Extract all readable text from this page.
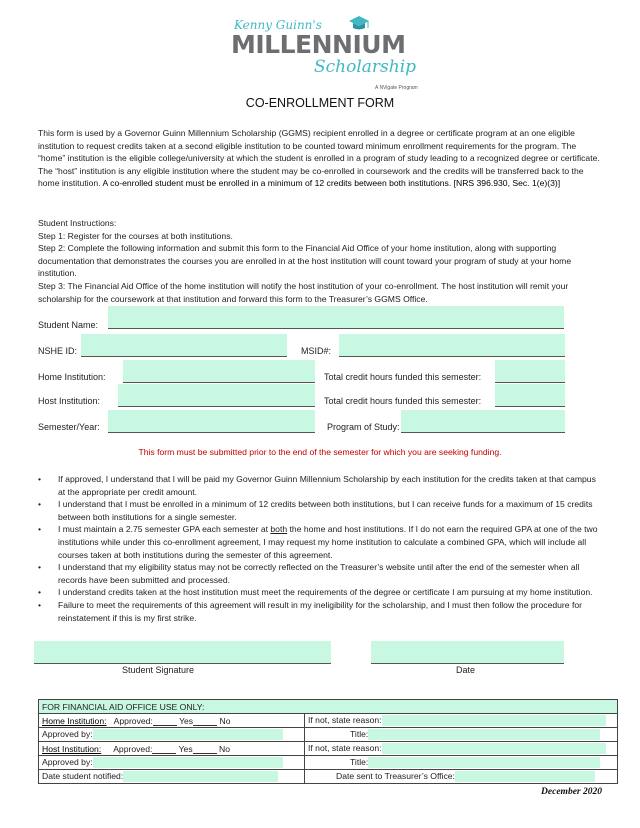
Kenny Guinn's
MILLENNIUM
Scholarship
A NVigate Program
CO-ENROLLMENT FORM
This form is used by a Governor Guinn Millennium Scholarship (GGMS) recipient enrolled in a degree or certificate program at an one eligible institution to request credits taken at a second eligible institution to be counted toward minimum enrollment requirements for the program. The “home” institution is the eligible college/university at which the student is enrolled in a program of study leading to a recognized degree or certificate. The “host” institution is any eligible institution where the student may be co-enrolled in coursework and the credits will be transferred back to the home institution. A co-enrolled student must be enrolled in a minimum of 12 credits between both institutions. [NRS 396.930, Sec. 1(e)(3)]
Student Instructions:
Step 1: Register for the courses at both institutions.
Step 2: Complete the following information and submit this form to the Financial Aid Office of your home institution, along with supporting documentation that demonstrates the courses you are enrolled in at the host institution will count toward your program of study at your home institution.
Step 3: The Financial Aid Office of the home institution will notify the host institution of your co-enrollment. The host institution will remit your scholarship for the coursework at that institution and forward this form to the Treasurer’s GGMS Office.
Student Name:
NSHE ID:	MSID#:
Home Institution:	Total credit hours funded this semester:
Host Institution:	Total credit hours funded this semester:
Semester/Year:	Program of Study:
This form must be submitted prior to the end of the semester for which you are seeking funding.
• If approved, I understand that I will be paid my Governor Guinn Millennium Scholarship by each institution for the credits taken at that campus at the appropriate per credit amount.
• I understand that I must be enrolled in a minimum of 12 credits between both institutions, but I can receive funds for a maximum of 15 credits between both institutions for a single semester.
• I must maintain a 2.75 semester GPA each semester at both the home and host institutions. If I do not earn the required GPA at one of the two institutions while under this co-enrollment agreement, I may request my home institution to calculate a combined GPA, which will include all courses taken at both institutions during the semester of this agreement.
• I understand that my eligibility status may not be correctly reflected on the Treasurer’s website until after the end of the semester when all records have been submitted and processed.
• I understand credits taken at the host institution must meet the requirements of the degree or certificate I am pursuing at my home institution.
• Failure to meet the requirements of this agreement will result in my ineligibility for the scholarship, and I must then follow the procedure for reinstatement if this is my first strike.
Student Signature	Date
FOR FINANCIAL AID OFFICE USE ONLY:	
Home Institution: Approved: Yes No	If not, state reason:
Approved by:	Title:
Host Institution: Approved: Yes No	If not, state reason:
Approved by:	Title:
Date student notified:	Date sent to Treasurer’s Office:
December 2020
